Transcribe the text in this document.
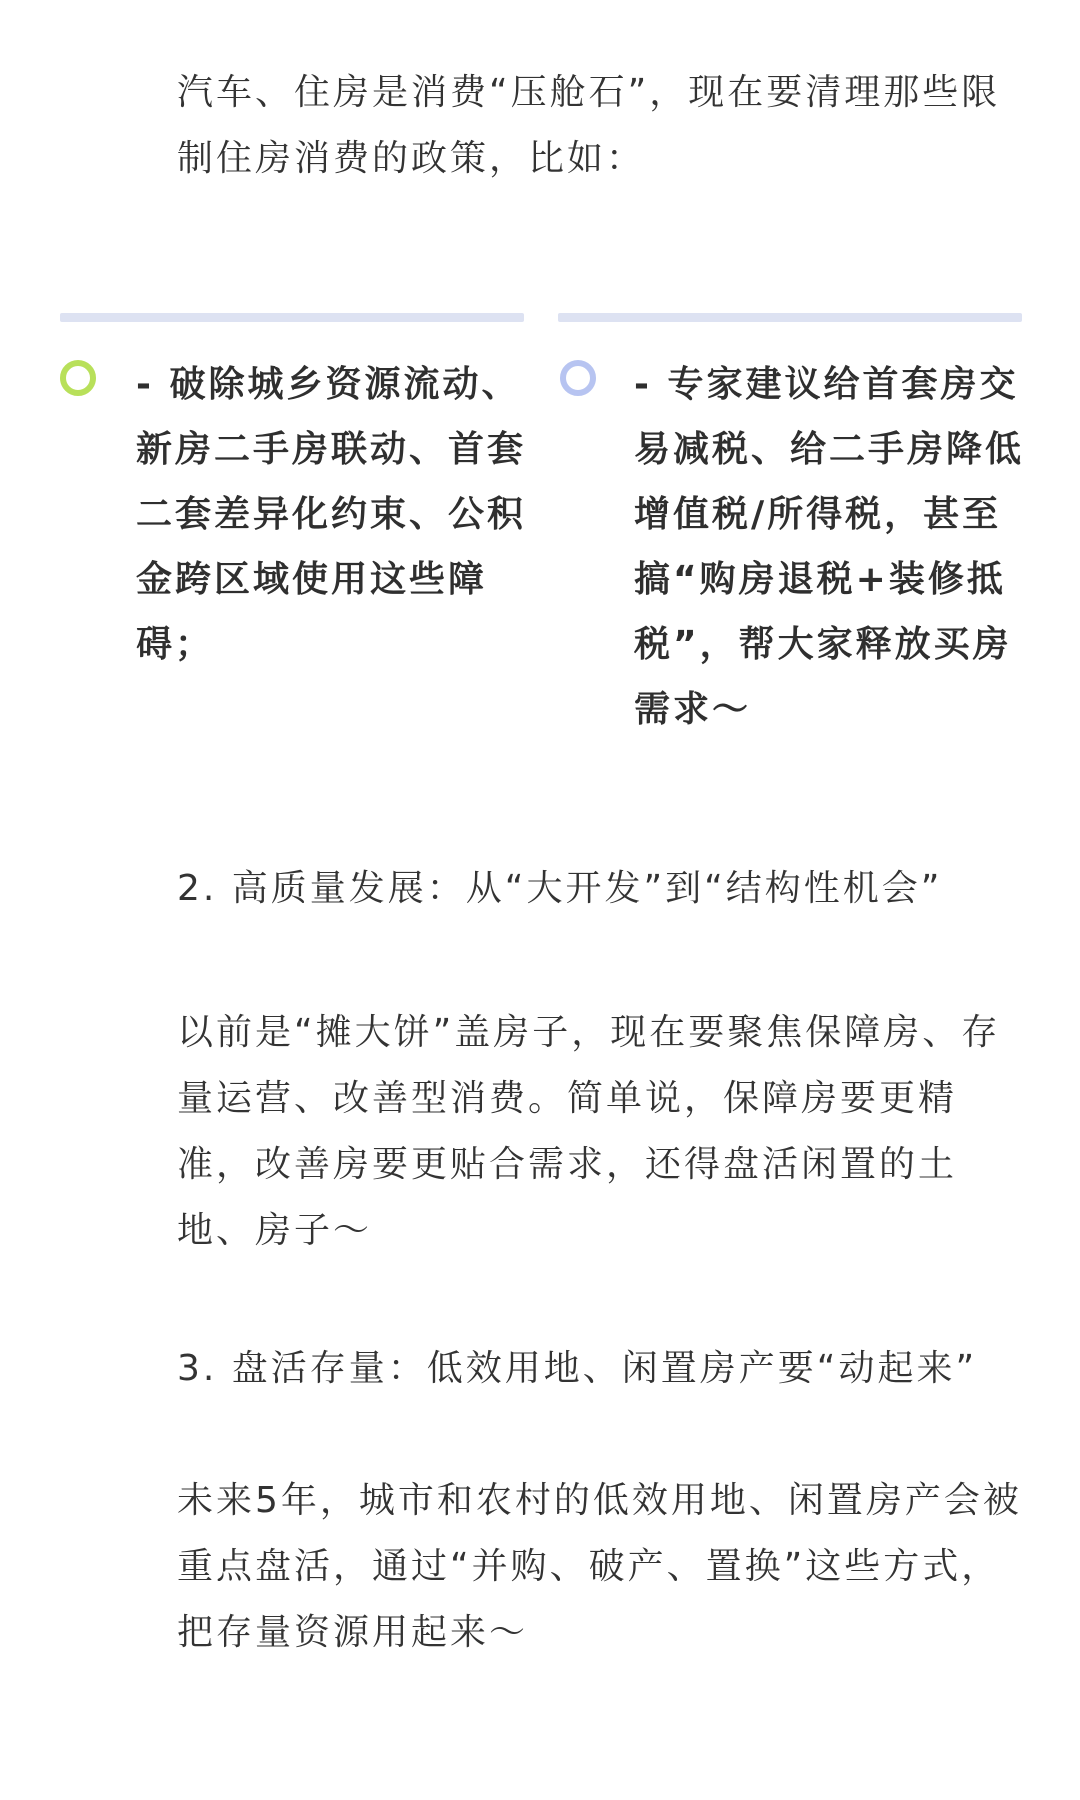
汽车、住房是消费“压舱石”，现在要清理那些限制住房消费的政策，比如：

- 破除城乡资源流动、新房二手房联动、首套二套差异化约束、公积金跨区域使用这些障碍；

- 专家建议给首套房交易减税、给二手房降低增值税/所得税，甚至搞“购房退税+装修抵税”，帮大家释放买房需求～

2. 高质量发展：从“大开发”到“结构性机会”

以前是“摊大饼”盖房子，现在要聚焦保障房、存量运营、改善型消费。简单说，保障房要更精准，改善房要更贴合需求，还得盘活闲置的土地、房子～

3. 盘活存量：低效用地、闲置房产要“动起来”

未来5年，城市和农村的低效用地、闲置房产会被重点盘活，通过“并购、破产、置换”这些方式，把存量资源用起来～
